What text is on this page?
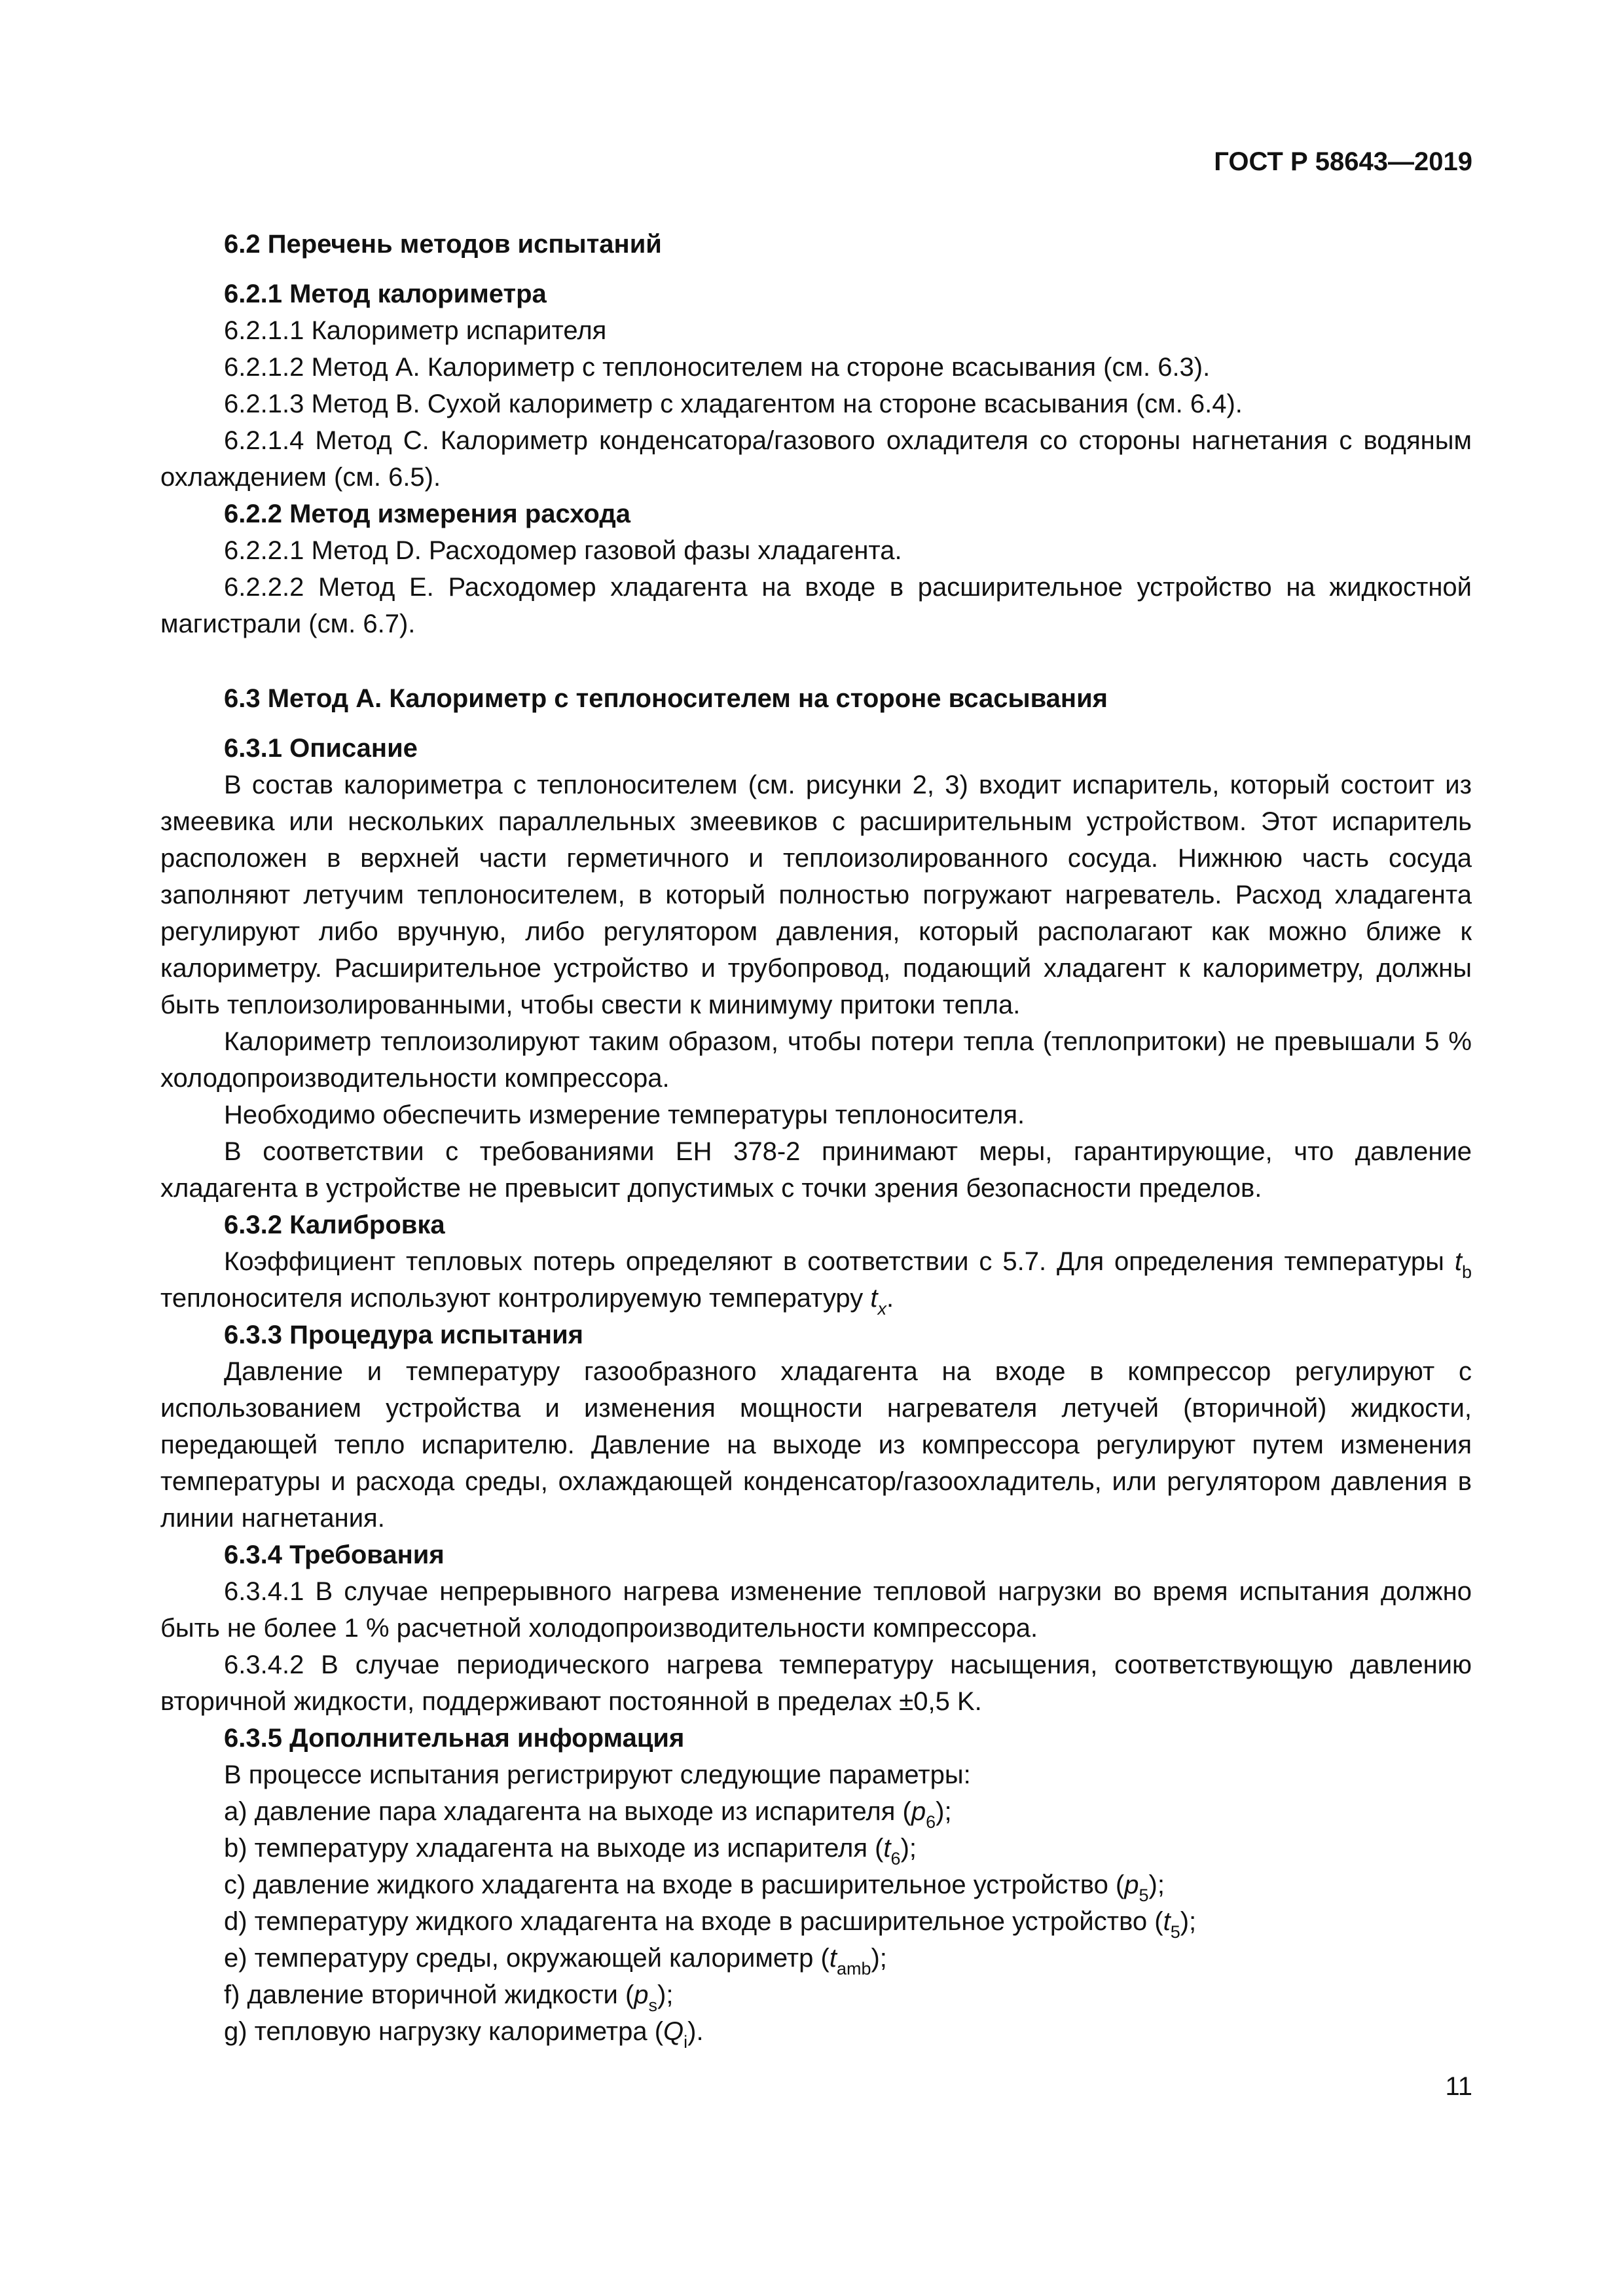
ГОСТ Р 58643—2019

6.2 Перечень методов испытаний

6.2.1 Метод калориметра

6.2.1.1 Калориметр испарителя

6.2.1.2 Метод А. Калориметр с теплоносителем на стороне всасывания (см. 6.3).

6.2.1.3 Метод В. Сухой калориметр с хладагентом на стороне всасывания (см. 6.4).

6.2.1.4 Метод С. Калориметр конденсатора/газового охладителя со стороны нагнетания с водяным охлаждением (см. 6.5).

6.2.2 Метод измерения расхода

6.2.2.1 Метод D. Расходомер газовой фазы хладагента.

6.2.2.2 Метод Е. Расходомер хладагента на входе в расширительное устройство на жидкостной магистрали (см. 6.7).

6.3 Метод А. Калориметр с теплоносителем на стороне всасывания

6.3.1 Описание

В состав калориметра с теплоносителем (см. рисунки 2, 3) входит испаритель, который состоит из змеевика или нескольких параллельных змеевиков с расширительным устройством. Этот испаритель расположен в верхней части герметичного и теплоизолированного сосуда. Нижнюю часть сосуда заполняют летучим теплоносителем, в который полностью погружают нагреватель. Расход хладагента регулируют либо вручную, либо регулятором давления, который располагают как можно ближе к калориметру. Расширительное устройство и трубопровод, подающий хладагент к калориметру, должны быть теплоизолированными, чтобы свести к минимуму притоки тепла.

Калориметр теплоизолируют таким образом, чтобы потери тепла (теплопритоки) не превышали 5 % холодопроизводительности компрессора.

Необходимо обеспечить измерение температуры теплоносителя.

В соответствии с требованиями ЕН 378-2 принимают меры, гарантирующие, что давление хладагента в устройстве не превысит допустимых с точки зрения безопасности пределов.

6.3.2 Калибровка

Коэффициент тепловых потерь определяют в соответствии с 5.7. Для определения температуры $t_b$ теплоносителя используют контролируемую температуру $t_x$.

6.3.3 Процедура испытания

Давление и температуру газообразного хладагента на входе в компрессор регулируют с использованием устройства и изменения мощности нагревателя летучей (вторичной) жидкости, передающей тепло испарителю. Давление на выходе из компрессора регулируют путем изменения температуры и расхода среды, охлаждающей конденсатор/газоохладитель, или регулятором давления в линии нагнетания.

6.3.4 Требования

6.3.4.1 В случае непрерывного нагрева изменение тепловой нагрузки во время испытания должно быть не более 1 % расчетной холодопроизводительности компрессора.

6.3.4.2 В случае периодического нагрева температуру насыщения, соответствующую давлению вторичной жидкости, поддерживают постоянной в пределах ±0,5 K.

6.3.5 Дополнительная информация

В процессе испытания регистрируют следующие параметры:

a) давление пара хладагента на выходе из испарителя $(p_6)$;

b) температуру хладагента на выходе из испарителя $(t_6)$;

c) давление жидкого хладагента на входе в расширительное устройство $(p_5)$;

d) температуру жидкого хладагента на входе в расширительное устройство $(t_5)$;

e) температуру среды, окружающей калориметр $(t_{amb})$;

f) давление вторичной жидкости $(p_s)$;

g) тепловую нагрузку калориметра $(Q_i)$.

11
